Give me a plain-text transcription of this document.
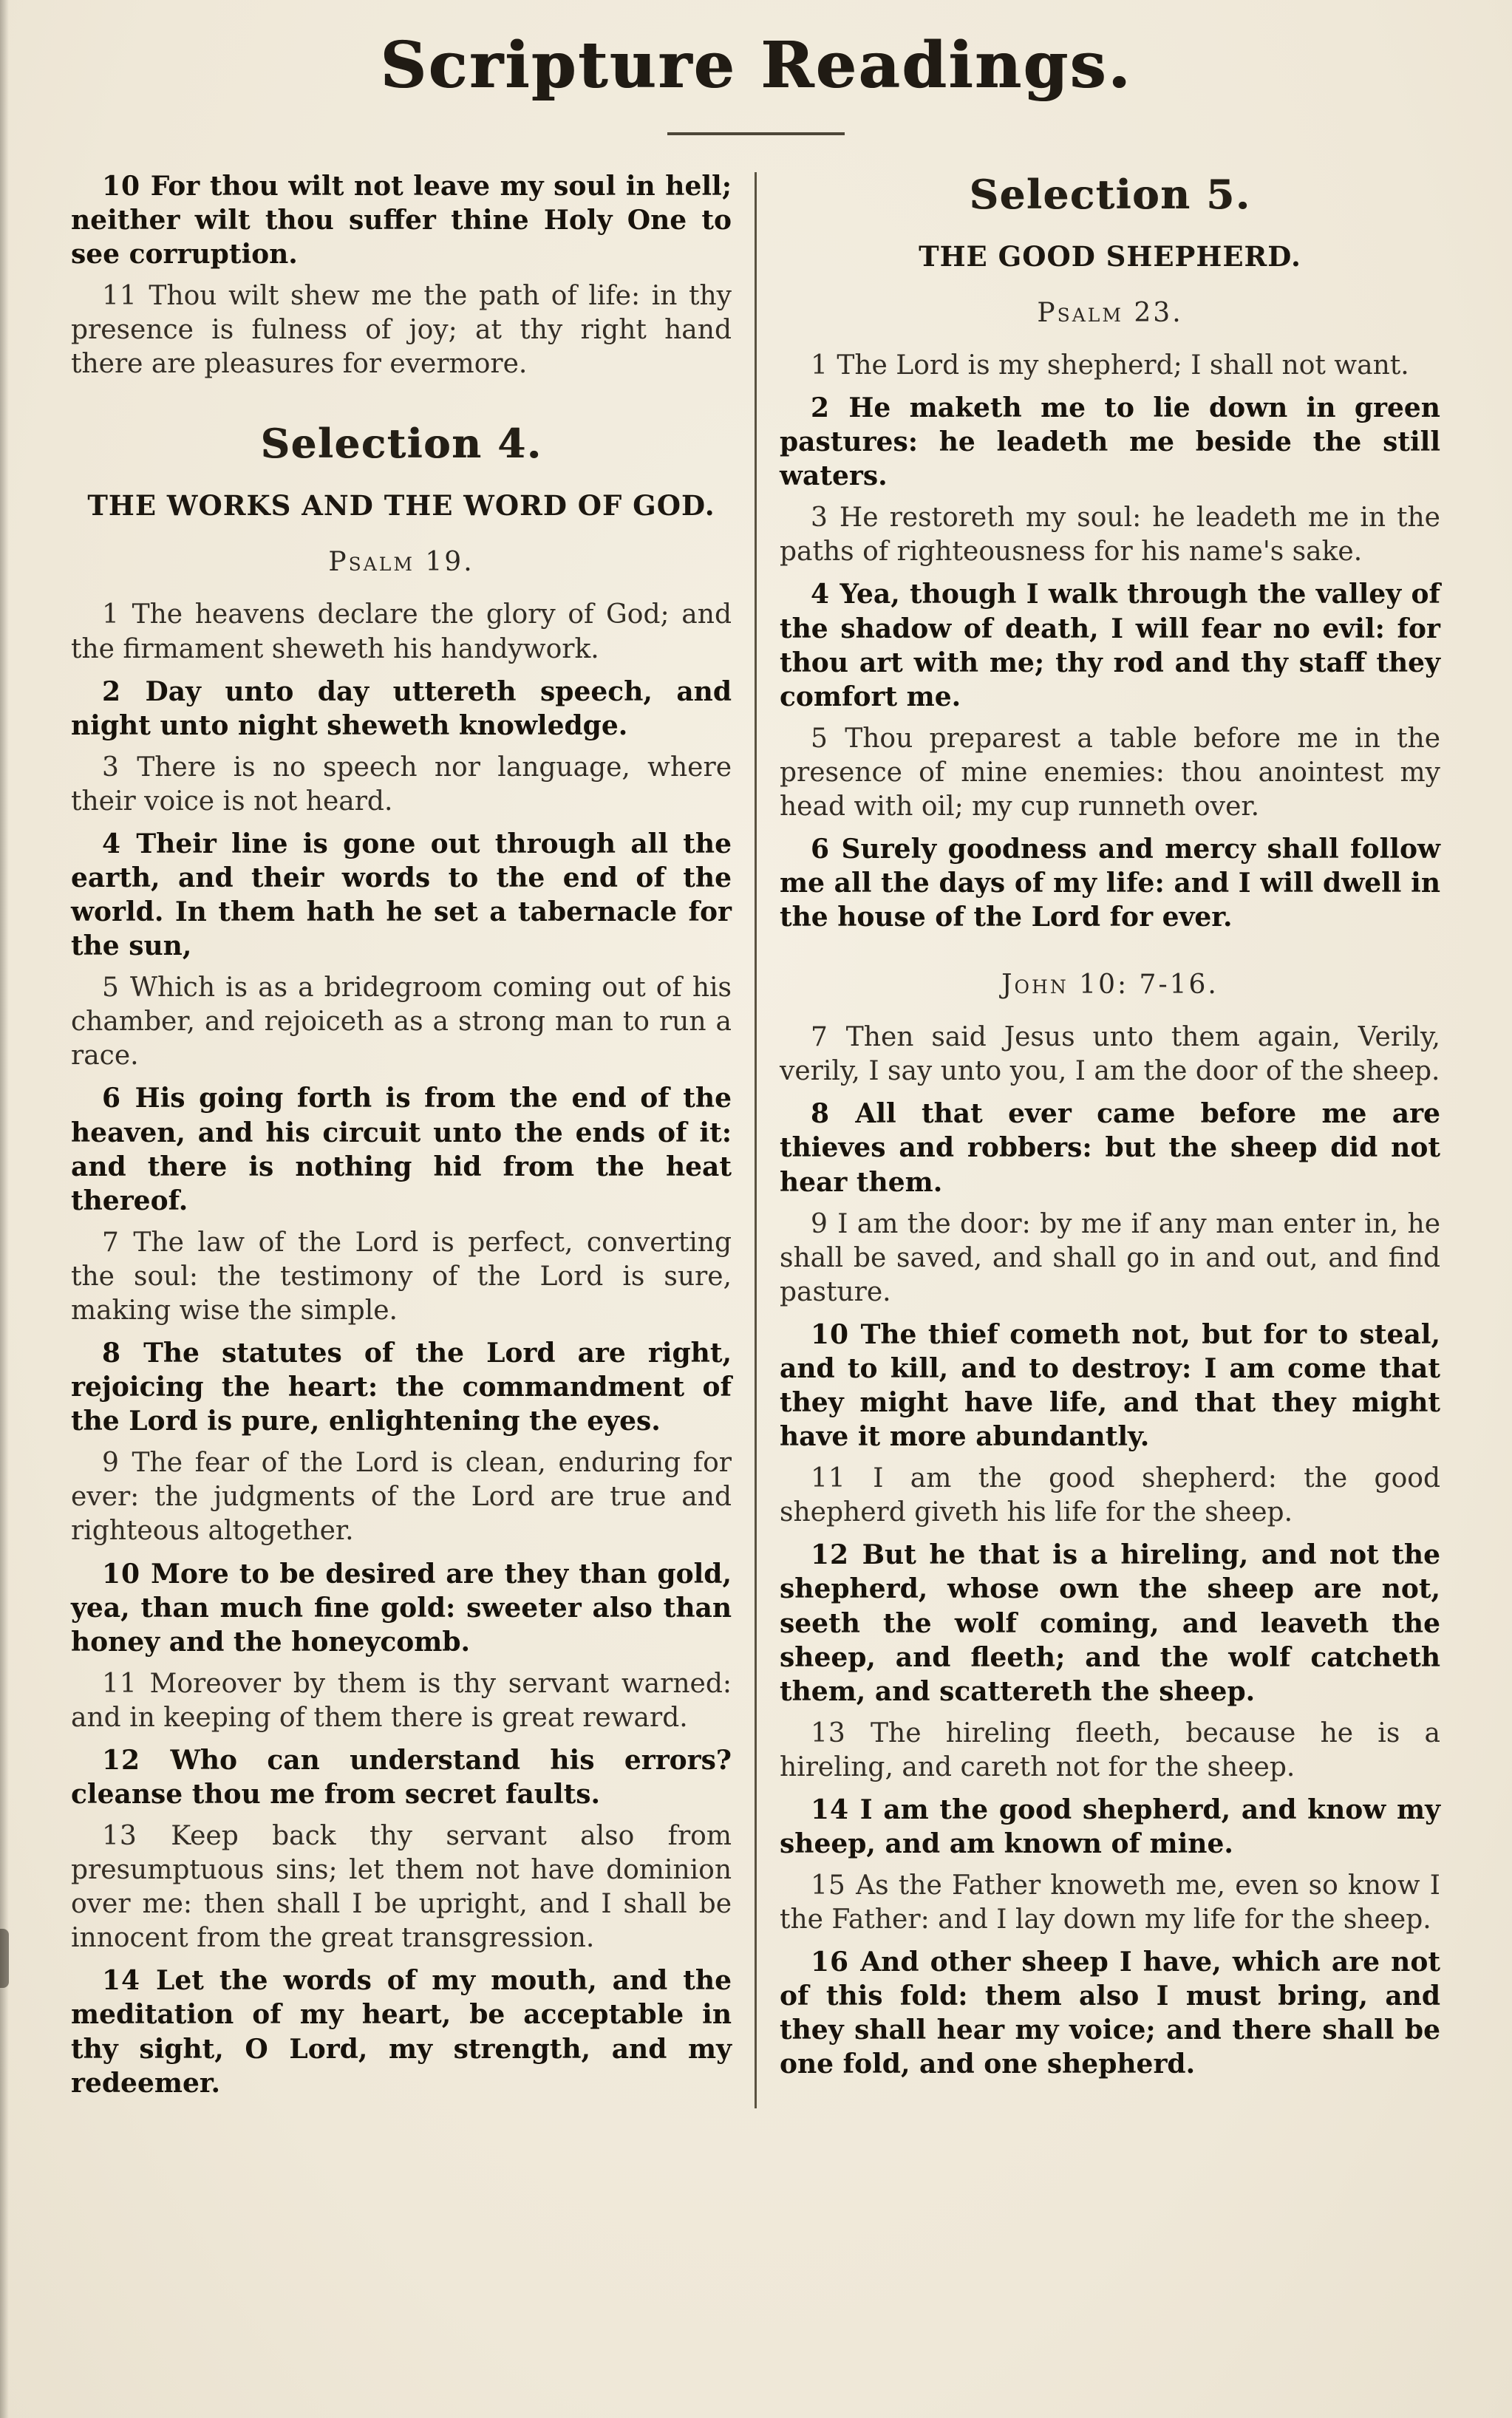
Scripture Readings.

10 For thou wilt not leave my soul in hell; neither wilt thou suffer thine Holy One to see corruption.

11 Thou wilt shew me the path of life: in thy presence is fulness of joy; at thy right hand there are pleasures for evermore.

Selection 4.
THE WORKS AND THE WORD OF GOD.
Psalm 19.

1 The heavens declare the glory of God; and the firmament sheweth his handywork.

2 Day unto day uttereth speech, and night unto night sheweth knowledge.

3 There is no speech nor language, where their voice is not heard.

4 Their line is gone out through all the earth, and their words to the end of the world. In them hath he set a tabernacle for the sun,

5 Which is as a bridegroom coming out of his chamber, and rejoiceth as a strong man to run a race.

6 His going forth is from the end of the heaven, and his circuit unto the ends of it: and there is nothing hid from the heat thereof.

7 The law of the Lord is perfect, converting the soul: the testimony of the Lord is sure, making wise the simple.

8 The statutes of the Lord are right, rejoicing the heart: the commandment of the Lord is pure, enlightening the eyes.

9 The fear of the Lord is clean, enduring for ever: the judgments of the Lord are true and righteous altogether.

10 More to be desired are they than gold, yea, than much fine gold: sweeter also than honey and the honeycomb.

11 Moreover by them is thy servant warned: and in keeping of them there is great reward.

12 Who can understand his errors? cleanse thou me from secret faults.

13 Keep back thy servant also from presumptuous sins; let them not have dominion over me: then shall I be upright, and I shall be innocent from the great transgression.

14 Let the words of my mouth, and the meditation of my heart, be acceptable in thy sight, O Lord, my strength, and my redeemer.

Selection 5.
THE GOOD SHEPHERD.
Psalm 23.

1 The Lord is my shepherd; I shall not want.

2 He maketh me to lie down in green pastures: he leadeth me beside the still waters.

3 He restoreth my soul: he leadeth me in the paths of righteousness for his name's sake.

4 Yea, though I walk through the valley of the shadow of death, I will fear no evil: for thou art with me; thy rod and thy staff they comfort me.

5 Thou preparest a table before me in the presence of mine enemies: thou anointest my head with oil; my cup runneth over.

6 Surely goodness and mercy shall follow me all the days of my life: and I will dwell in the house of the Lord for ever.

John 10: 7-16.

7 Then said Jesus unto them again, Verily, verily, I say unto you, I am the door of the sheep.

8 All that ever came before me are thieves and robbers: but the sheep did not hear them.

9 I am the door: by me if any man enter in, he shall be saved, and shall go in and out, and find pasture.

10 The thief cometh not, but for to steal, and to kill, and to destroy: I am come that they might have life, and that they might have it more abundantly.

11 I am the good shepherd: the good shepherd giveth his life for the sheep.

12 But he that is a hireling, and not the shepherd, whose own the sheep are not, seeth the wolf coming, and leaveth the sheep, and fleeth; and the wolf catcheth them, and scattereth the sheep.

13 The hireling fleeth, because he is a hireling, and careth not for the sheep.

14 I am the good shepherd, and know my sheep, and am known of mine.

15 As the Father knoweth me, even so know I the Father: and I lay down my life for the sheep.

16 And other sheep I have, which are not of this fold: them also I must bring, and they shall hear my voice; and there shall be one fold, and one shepherd.
